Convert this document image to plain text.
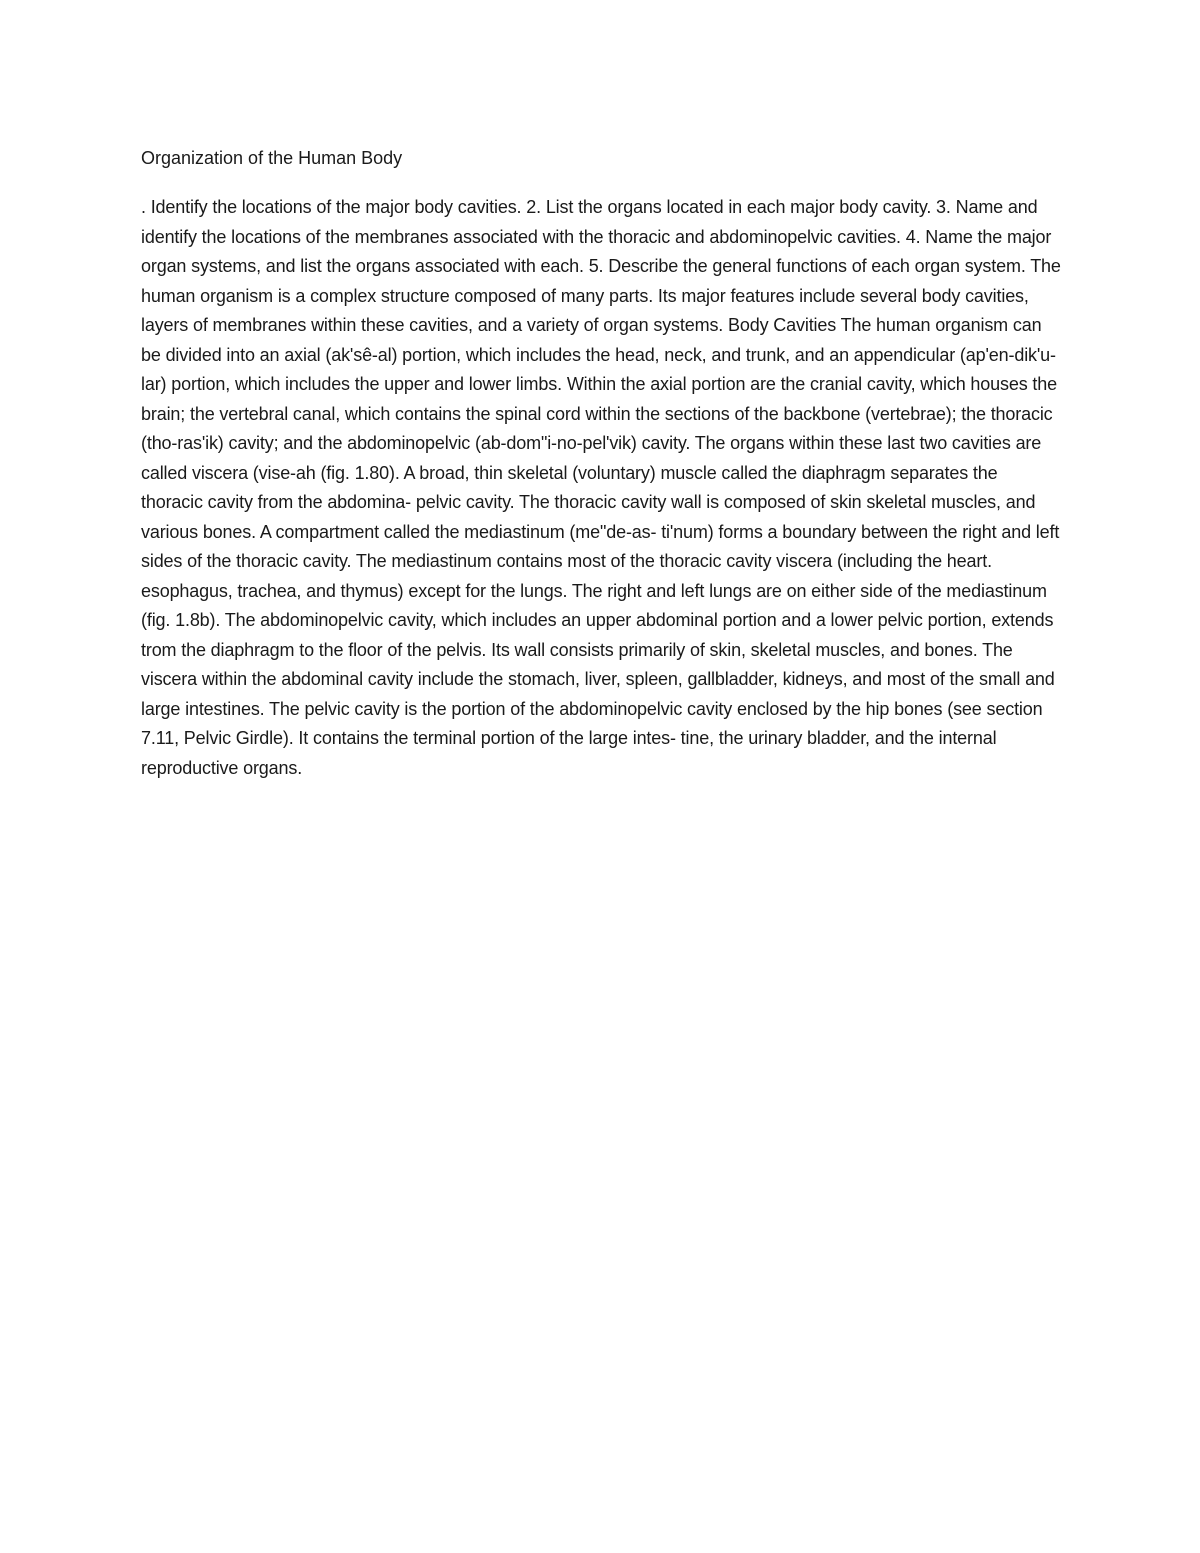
Organization of the Human Body

. Identify the locations of the major body cavities. 2. List the organs located in each major body cavity. 3. Name and identify the locations of the membranes associated with the thoracic and abdominopelvic cavities. 4. Name the major organ systems, and list the organs associated with each. 5. Describe the general functions of each organ system. The human organism is a complex structure composed of many parts. Its major features include several body cavities, layers of membranes within these cavities, and a variety of organ systems. Body Cavities The human organism can be divided into an axial (ak'sê-al) portion, which includes the head, neck, and trunk, and an appendicular (ap'en-dik'u-lar) portion, which includes the upper and lower limbs. Within the axial portion are the cranial cavity, which houses the brain; the vertebral canal, which contains the spinal cord within the sections of the backbone (vertebrae); the thoracic (tho-ras'ik) cavity; and the abdominopelvic (ab-dom"i-no-pel'vik) cavity. The organs within these last two cavities are called viscera (vise-ah (fig. 1.80). A broad, thin skeletal (voluntary) muscle called the diaphragm separates the thoracic cavity from the abdomina- pelvic cavity. The thoracic cavity wall is composed of skin skeletal muscles, and various bones. A compartment called the mediastinum (me"de-as- ti'num) forms a boundary between the right and left sides of the thoracic cavity. The mediastinum contains most of the thoracic cavity viscera (including the heart. esophagus, trachea, and thymus) except for the lungs. The right and left lungs are on either side of the mediastinum (fig. 1.8b). The abdominopelvic cavity, which includes an upper abdominal portion and a lower pelvic portion, extends trom the diaphragm to the floor of the pelvis. Its wall consists primarily of skin, skeletal muscles, and bones. The viscera within the abdominal cavity include the stomach, liver, spleen, gallbladder, kidneys, and most of the small and large intestines. The pelvic cavity is the portion of the abdominopelvic cavity enclosed by the hip bones (see section 7.11, Pelvic Girdle). It contains the terminal portion of the large intes- tine, the urinary bladder, and the internal reproductive organs.
